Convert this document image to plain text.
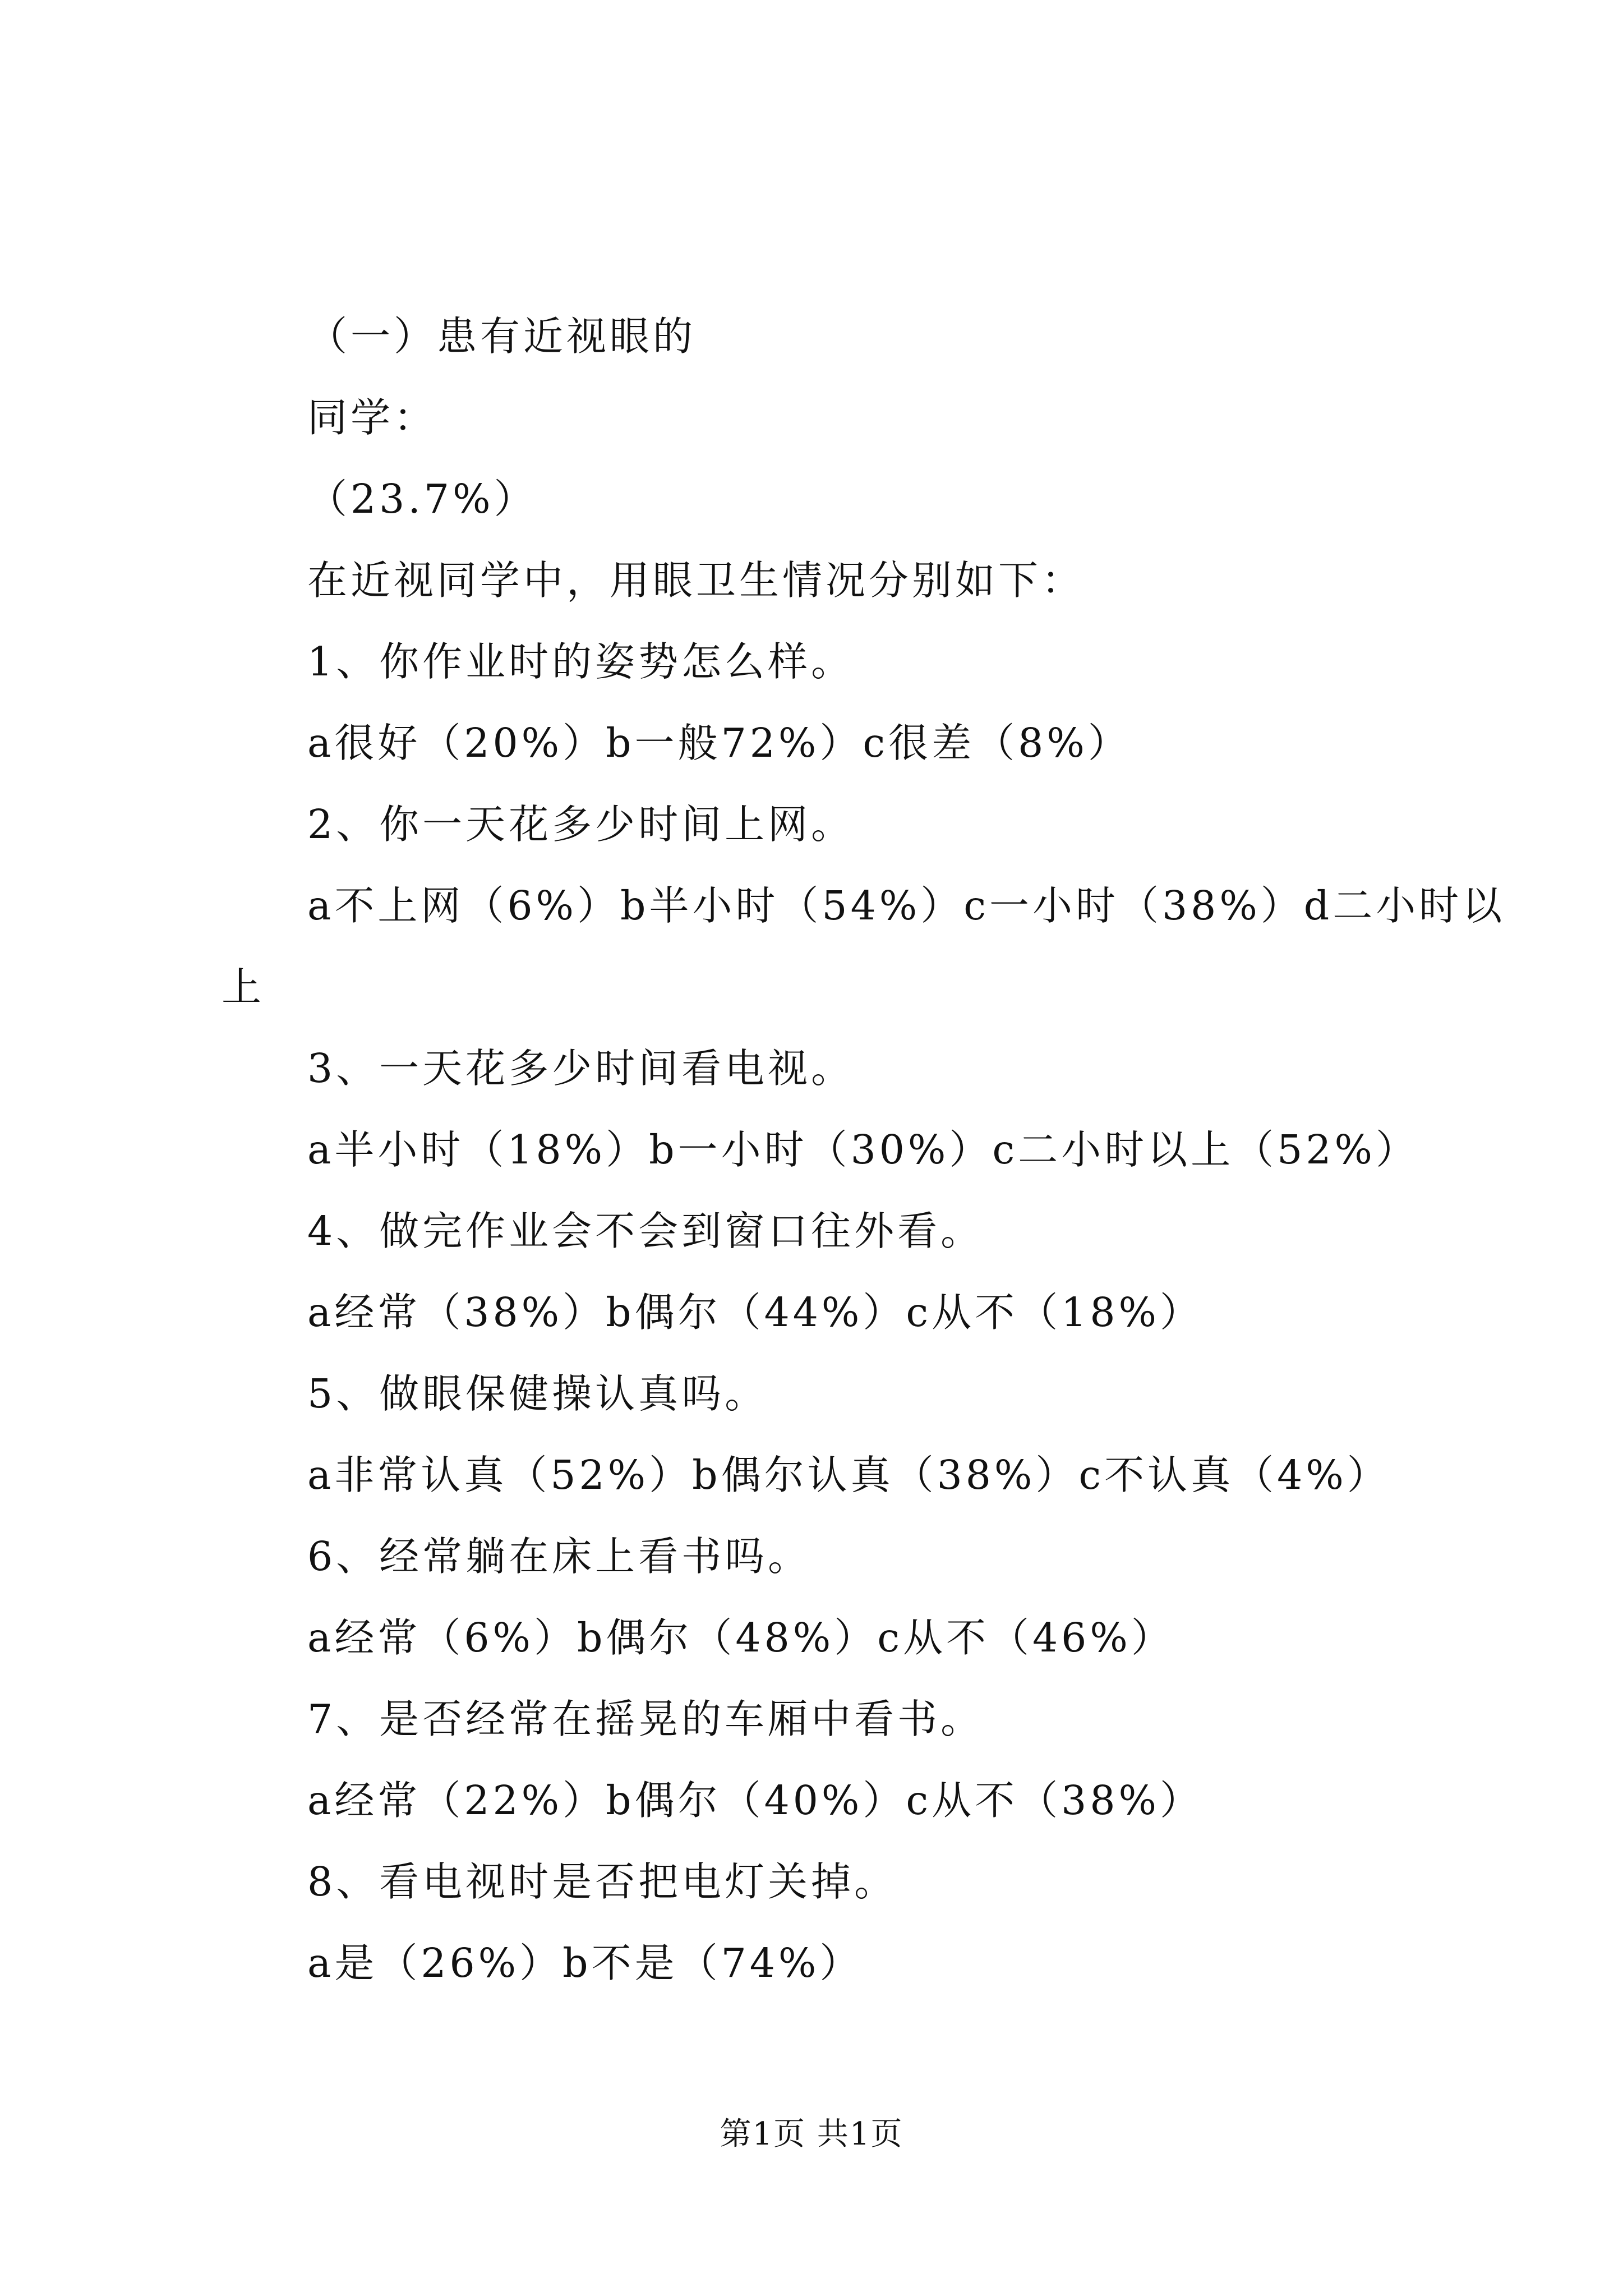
（一）患有近视眼的
同学：
（23.7%）
在近视同学中，用眼卫生情况分别如下：
1、你作业时的姿势怎么样。
a很好（20%）b一般72%）c很差（8%）
2、你一天花多少时间上网。
a不上网（6%）b半小时（54%）c一小时（38%）d二小时以
上
3、一天花多少时间看电视。
a半小时（18%）b一小时（30%）c二小时以上（52%）
4、做完作业会不会到窗口往外看。
a经常（38%）b偶尔（44%）c从不（18%）
5、做眼保健操认真吗。
a非常认真（52%）b偶尔认真（38%）c不认真（4%）
6、经常躺在床上看书吗。
a经常（6%）b偶尔（48%）c从不（46%）
7、是否经常在摇晃的车厢中看书。
a经常（22%）b偶尔（40%）c从不（38%）
8、看电视时是否把电灯关掉。
a是（26%）b不是（74%）
第1页 共1页
